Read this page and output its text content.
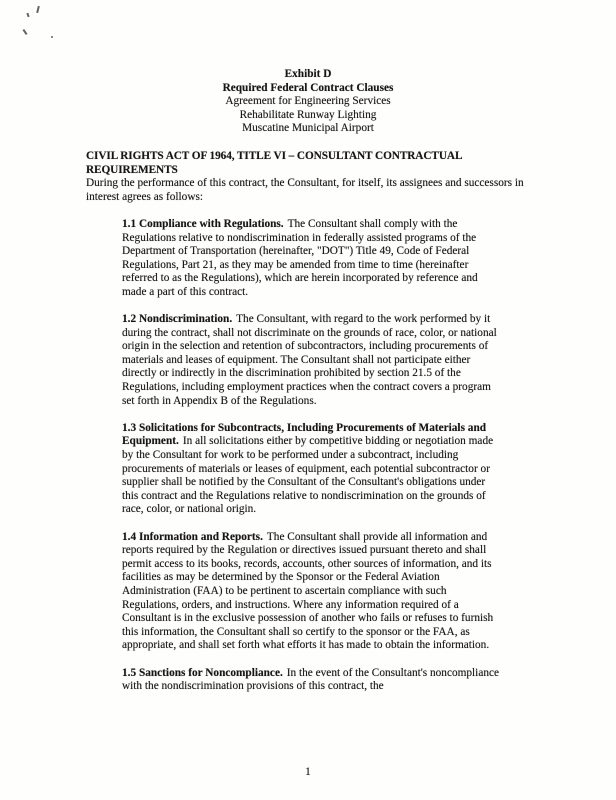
Exhibit D
Required Federal Contract Clauses
Agreement for Engineering Services
Rehabilitate Runway Lighting
Muscatine Municipal Airport
CIVIL RIGHTS ACT OF 1964, TITLE VI – CONSULTANT CONTRACTUAL REQUIREMENTS

During the performance of this contract, the Consultant, for itself, its assignees and successors in interest agrees as follows:

1.1 Compliance with Regulations. The Consultant shall comply with the Regulations relative to nondiscrimination in federally assisted programs of the Department of Transportation (hereinafter, "DOT") Title 49, Code of Federal Regulations, Part 21, as they may be amended from time to time (hereinafter referred to as the Regulations), which are herein incorporated by reference and made a part of this contract.

1.2 Nondiscrimination. The Consultant, with regard to the work performed by it during the contract, shall not discriminate on the grounds of race, color, or national origin in the selection and retention of subcontractors, including procurements of materials and leases of equipment. The Consultant shall not participate either directly or indirectly in the discrimination prohibited by section 21.5 of the Regulations, including employment practices when the contract covers a program set forth in Appendix B of the Regulations.

1.3 Solicitations for Subcontracts, Including Procurements of Materials and Equipment. In all solicitations either by competitive bidding or negotiation made by the Consultant for work to be performed under a subcontract, including procurements of materials or leases of equipment, each potential subcontractor or supplier shall be notified by the Consultant of the Consultant's obligations under this contract and the Regulations relative to nondiscrimination on the grounds of race, color, or national origin.

1.4 Information and Reports. The Consultant shall provide all information and reports required by the Regulation or directives issued pursuant thereto and shall permit access to its books, records, accounts, other sources of information, and its facilities as may be determined by the Sponsor or the Federal Aviation Administration (FAA) to be pertinent to ascertain compliance with such Regulations, orders, and instructions. Where any information required of a Consultant is in the exclusive possession of another who fails or refuses to furnish this information, the Consultant shall so certify to the sponsor or the FAA, as appropriate, and shall set forth what efforts it has made to obtain the information.

1.5 Sanctions for Noncompliance. In the event of the Consultant's noncompliance with the nondiscrimination provisions of this contract, the

1
